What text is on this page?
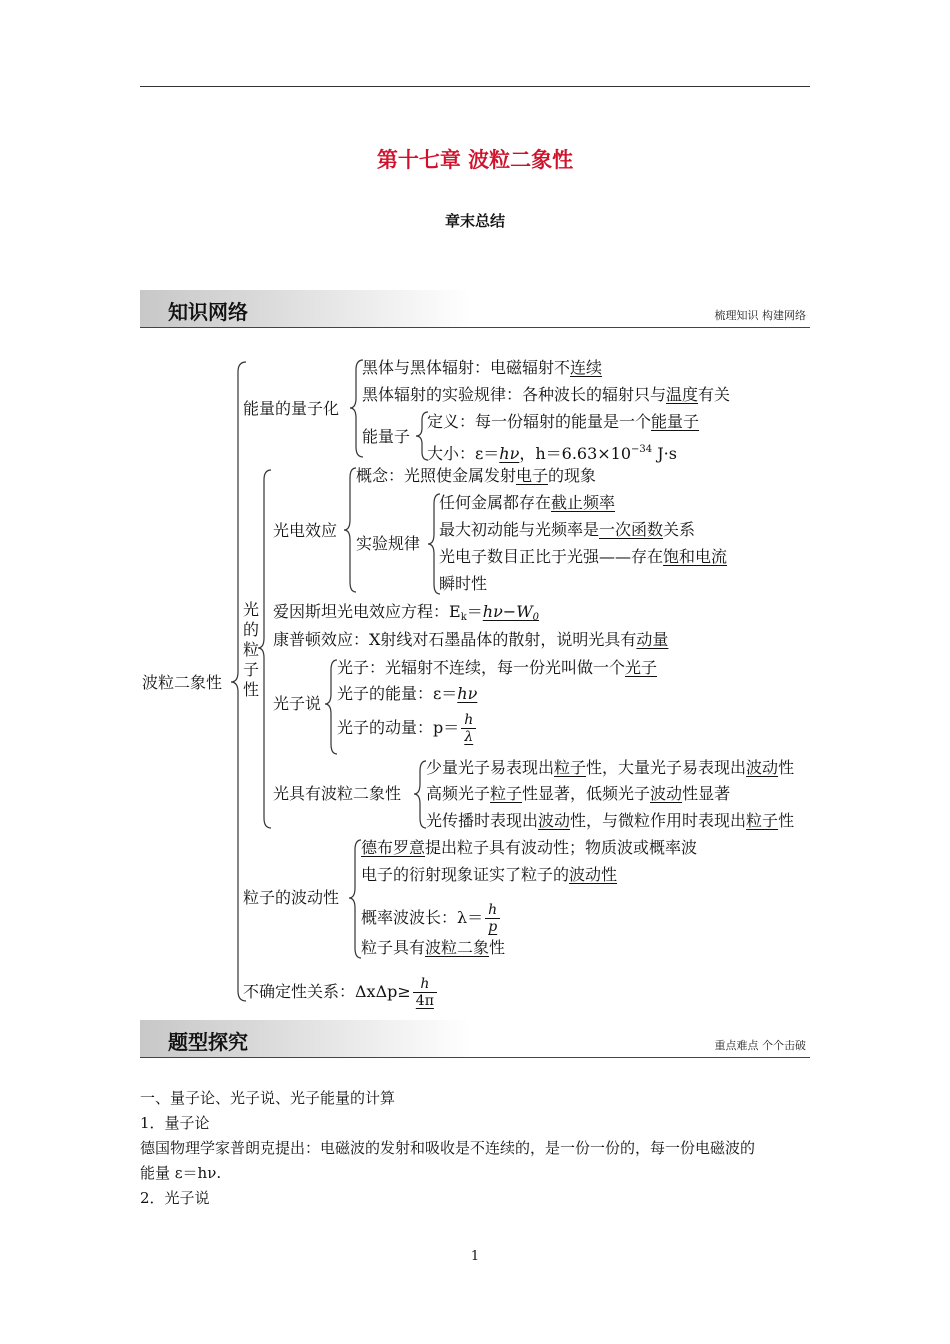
第十七章 波粒二象性
章末总结
知识网络	梳理知识 构建网络
波粒二象性
能量的量子化
黑体与黑体辐射：电磁辐射不连续
黑体辐射的实验规律：各种波长的辐射只与温度有关
能量子
定义：每一份辐射的能量是一个能量子
大小：ε＝hν，$h=6.63\times 10^{-34}$ J·s
光
的
粒
子
性
光电效应
概念：光照使金属发射电子的现象
实验规律
任何金属都存在截止频率
最大初动能与光频率是一次函数关系
光电子数目正比于光强——存在饱和电流
瞬时性
爱因斯坦光电效应方程：$E_k=h\nu-W_0$
康普顿效应：X射线对石墨晶体的散射，说明光具有动量
光子说
光子：光辐射不连续，每一份光叫做一个光子
光子的能量：ε＝hν
光子的动量：$p= \frac{h}{\lambda}$
光具有波粒二象性
少量光子易表现出粒子性，大量光子易表现出波动性
高频光子粒子性显著，低频光子波动性显著
光传播时表现出波动性，与微粒作用时表现出粒子性
粒子的波动性
德布罗意提出粒子具有波动性；物质波或概率波
电子的衍射现象证实了粒子的波动性
概率波波长：$\lambda= \frac{h}{p}$
粒子具有波粒二象性
不确定性关系：$\Delta x\Delta p\ge \frac{h}{4\pi}$
题型探究	重点难点 个个击破
一、量子论、光子说、光子能量的计算
1．量子论
德国物理学家普朗克提出：电磁波的发射和吸收是不连续的，是一份一份的，每一份电磁波的
能量 ε＝hν.
2．光子说
1
